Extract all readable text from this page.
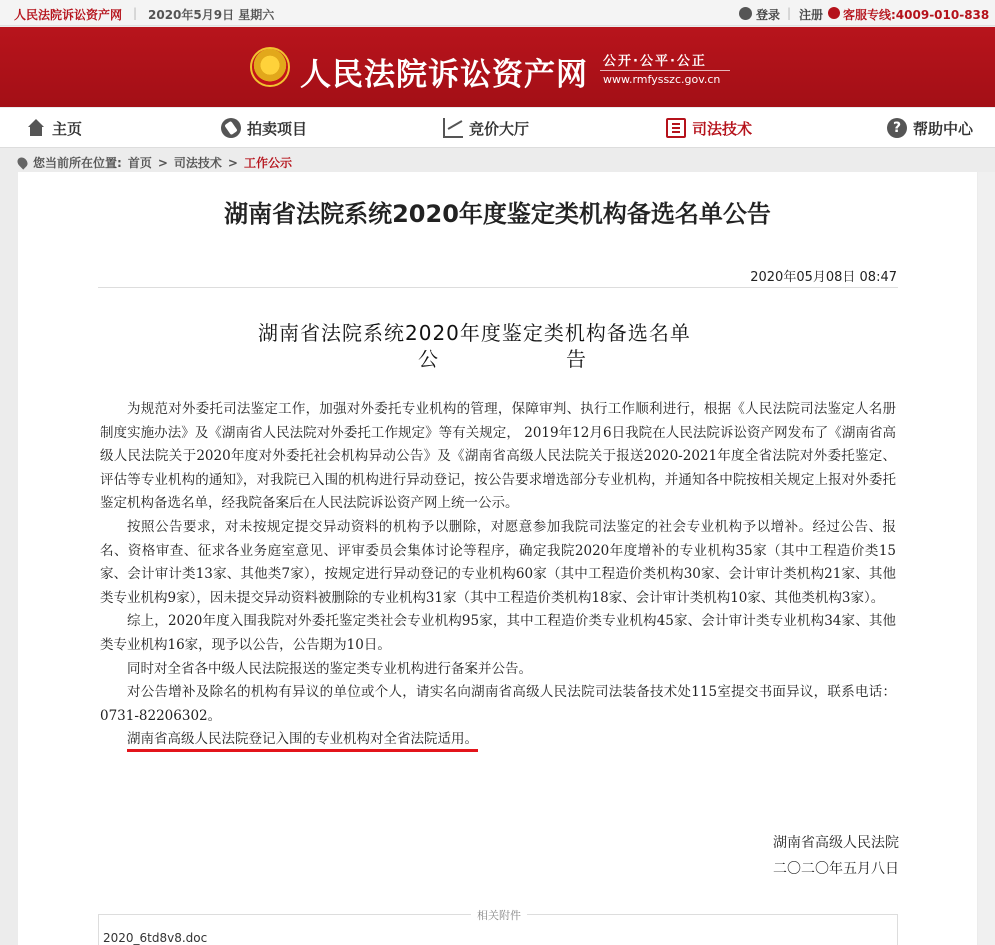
人民法院诉讼资产网 | 2020年5月9日 星期六	登录 | 注册 客服专线:4009-010-838
人民法院诉讼资产网 公开·公平·公正
www.rmfysszc.gov.cn
主页	拍卖项目	竞价大厅	司法技术	? 帮助中心
您当前所在位置: 首页 > 司法技术 > 工作公示
湖南省法院系统2020年度鉴定类机构备选名单公告
2020年05月08日 08:47
湖南省法院系统2020年度鉴定类机构备选名单
公告

为规范对外委托司法鉴定工作，加强对外委托专业机构的管理，保障审判、执行工作顺利进行，根据《人民法院司法鉴定人名册制度实施办法》及《湖南省人民法院对外委托工作规定》等有关规定， 2019年12月6日我院在人民法院诉讼资产网发布了《湖南省高级人民法院关于2020年度对外委托社会机构异动公告》及《湖南省高级人民法院关于报送2020-2021年度全省法院对外委托鉴定、评估等专业机构的通知》，对我院已入围的机构进行异动登记，按公告要求增选部分专业机构，并通知各中院按相关规定上报对外委托鉴定机构备选名单，经我院备案后在人民法院诉讼资产网上统一公示。

按照公告要求，对未按规定提交异动资料的机构予以删除，对愿意参加我院司法鉴定的社会专业机构予以增补。经过公告、报名、资格审查、征求各业务庭室意见、评审委员会集体讨论等程序，确定我院2020年度增补的专业机构35家（其中工程造价类15家、会计审计类13家、其他类7家），按规定进行异动登记的专业机构60家（其中工程造价类机构30家、会计审计类机构21家、其他类专业机构9家），因未提交异动资料被删除的专业机构31家（其中工程造价类机构18家、会计审计类机构10家、其他类机构3家）。

综上，2020年度入围我院对外委托鉴定类社会专业机构95家，其中工程造价类专业机构45家、会计审计类专业机构34家、其他类专业机构16家，现予以公告，公告期为10日。

同时对全省各中级人民法院报送的鉴定类专业机构进行备案并公告。

对公告增补及除名的机构有异议的单位或个人，请实名向湖南省高级人民法院司法装备技术处115室提交书面异议，联系电话：0731-82206302。

湖南省高级人民法院登记入围的专业机构对全省法院适用。

湖南省高级人民法院
二〇二〇年五月八日
相关附件
2020_6td8v8.doc
